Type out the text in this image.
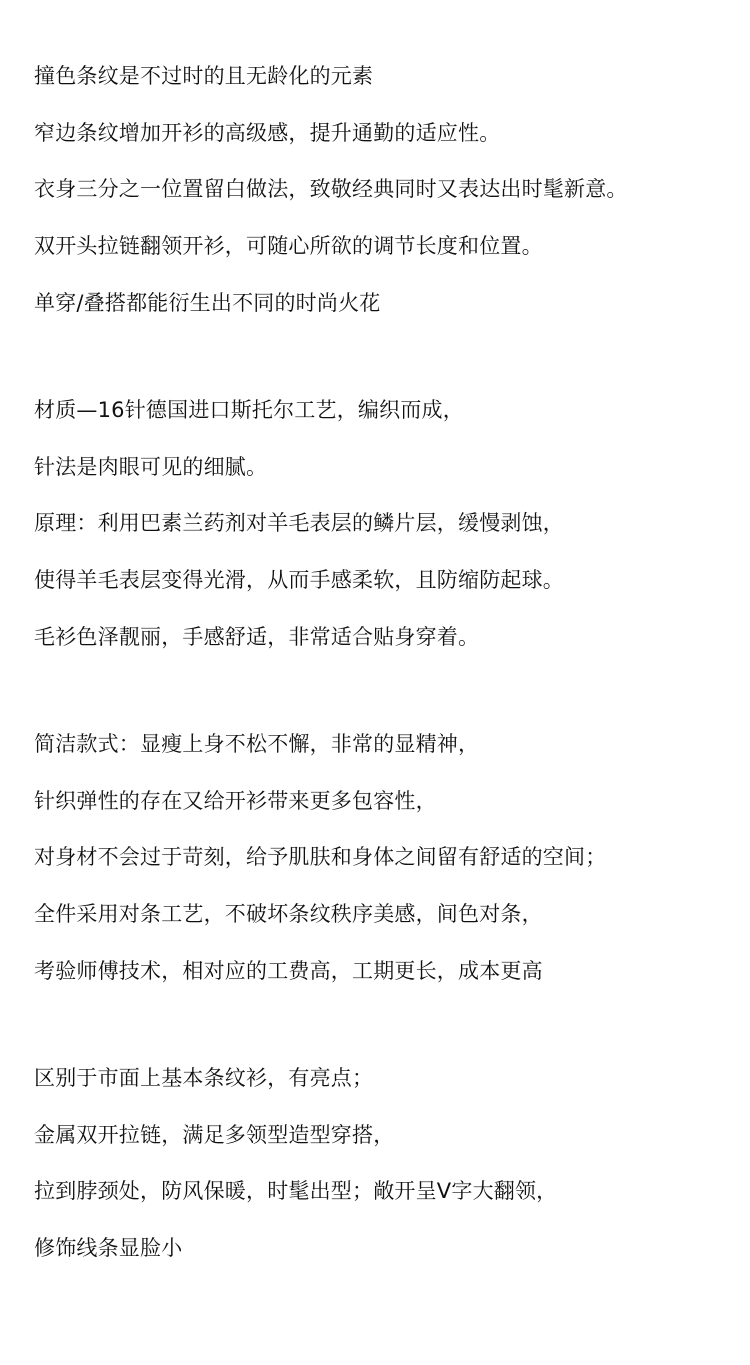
撞色条纹是不过时的且无龄化的元素
窄边条纹增加开衫的高级感，提升通勤的适应性。
衣身三分之一位置留白做法，致敬经典同时又表达出时髦新意。
双开头拉链翻领开衫，可随心所欲的调节长度和位置。
单穿/叠搭都能衍生出不同的时尚火花
材质—16针德国进口斯托尔工艺，编织而成，
针法是肉眼可见的细腻。
原理：利用巴素兰药剂对羊毛表层的鳞片层，缓慢剥蚀，
使得羊毛表层变得光滑，从而手感柔软，且防缩防起球。
毛衫色泽靓丽，手感舒适，非常适合贴身穿着。
简洁款式：显瘦上身不松不懈，非常的显精神，
针织弹性的存在又给开衫带来更多包容性，
对身材不会过于苛刻，给予肌肤和身体之间留有舒适的空间；
全件采用对条工艺，不破坏条纹秩序美感，间色对条，
考验师傅技术，相对应的工费高，工期更长，成本更高
区别于市面上基本条纹衫，有亮点；
金属双开拉链，满足多领型造型穿搭，
拉到脖颈处，防风保暖，时髦出型；敞开呈V字大翻领，
修饰线条显脸小
